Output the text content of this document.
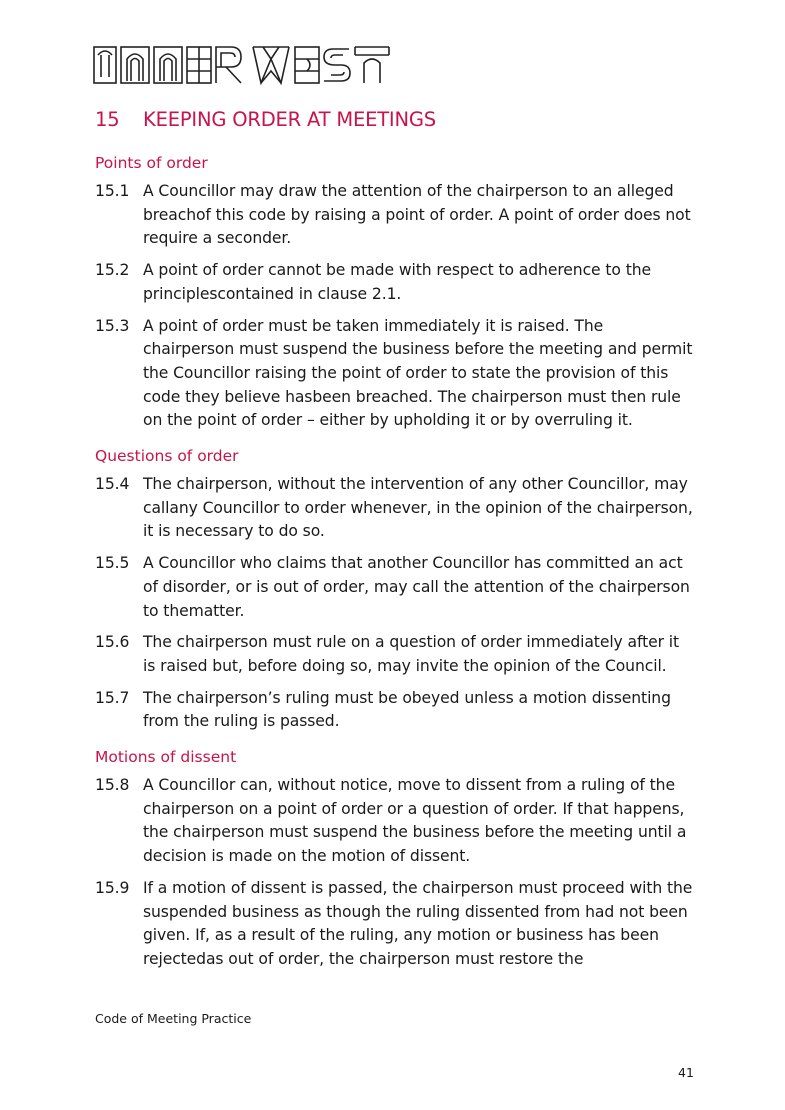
15 KEEPING ORDER AT MEETINGS
Points of order
15.1 A Councillor may draw the attention of the chairperson to an alleged breachof this code by raising a point of order. A point of order does not require a seconder.
15.2 A point of order cannot be made with respect to adherence to the principlescontained in clause 2.1.
15.3 A point of order must be taken immediately it is raised. The chairperson must suspend the business before the meeting and permit the Councillor raising the point of order to state the provision of this code they believe hasbeen breached. The chairperson must then rule on the point of order – either by upholding it or by overruling it.
Questions of order
15.4 The chairperson, without the intervention of any other Councillor, may callany Councillor to order whenever, in the opinion of the chairperson, it is necessary to do so.
15.5 A Councillor who claims that another Councillor has committed an act of disorder, or is out of order, may call the attention of the chairperson to thematter.
15.6 The chairperson must rule on a question of order immediately after it is raised but, before doing so, may invite the opinion of the Council.
15.7 The chairperson’s ruling must be obeyed unless a motion dissenting from the ruling is passed.
Motions of dissent
15.8 A Councillor can, without notice, move to dissent from a ruling of the chairperson on a point of order or a question of order. If that happens, the chairperson must suspend the business before the meeting until a decision is made on the motion of dissent.
15.9 If a motion of dissent is passed, the chairperson must proceed with the suspended business as though the ruling dissented from had not been given. If, as a result of the ruling, any motion or business has been rejectedas out of order, the chairperson must restore the
Code of Meeting Practice
41
